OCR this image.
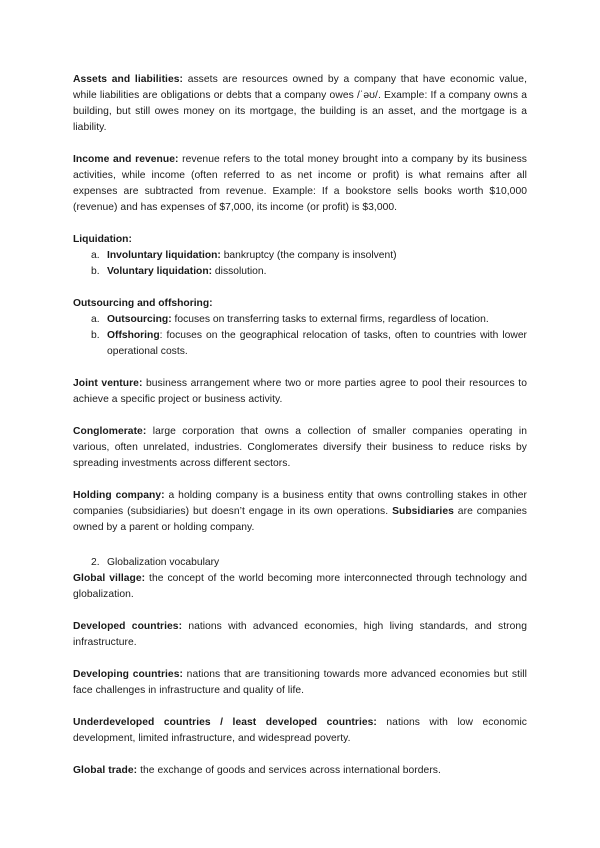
Assets and liabilities: assets are resources owned by a company that have economic value, while liabilities are obligations or debts that a company owes /ˈəʊ/. Example: If a company owns a building, but still owes money on its mortgage, the building is an asset, and the mortgage is a liability.

Income and revenue: revenue refers to the total money brought into a company by its business activities, while income (often referred to as net income or profit) is what remains after all expenses are subtracted from revenue. Example: If a bookstore sells books worth $10,000 (revenue) and has expenses of $7,000, its income (or profit) is $3,000.

Liquidation:

a. Involuntary liquidation: bankruptcy (the company is insolvent)
b. Voluntary liquidation: dissolution.

Outsourcing and offshoring:

a. Outsourcing: focuses on transferring tasks to external firms, regardless of location.
b. Offshoring: focuses on the geographical relocation of tasks, often to countries with lower operational costs.

Joint venture: business arrangement where two or more parties agree to pool their resources to achieve a specific project or business activity.

Conglomerate: large corporation that owns a collection of smaller companies operating in various, often unrelated, industries. Conglomerates diversify their business to reduce risks by spreading investments across different sectors.

Holding company: a holding company is a business entity that owns controlling stakes in other companies (subsidiaries) but doesn’t engage in its own operations. Subsidiaries are companies owned by a parent or holding company.

2. Globalization vocabulary

Global village: the concept of the world becoming more interconnected through technology and globalization.

Developed countries: nations with advanced economies, high living standards, and strong infrastructure.

Developing countries: nations that are transitioning towards more advanced economies but still face challenges in infrastructure and quality of life.

Underdeveloped countries / least developed countries: nations with low economic development, limited infrastructure, and widespread poverty.

Global trade: the exchange of goods and services across international borders.
